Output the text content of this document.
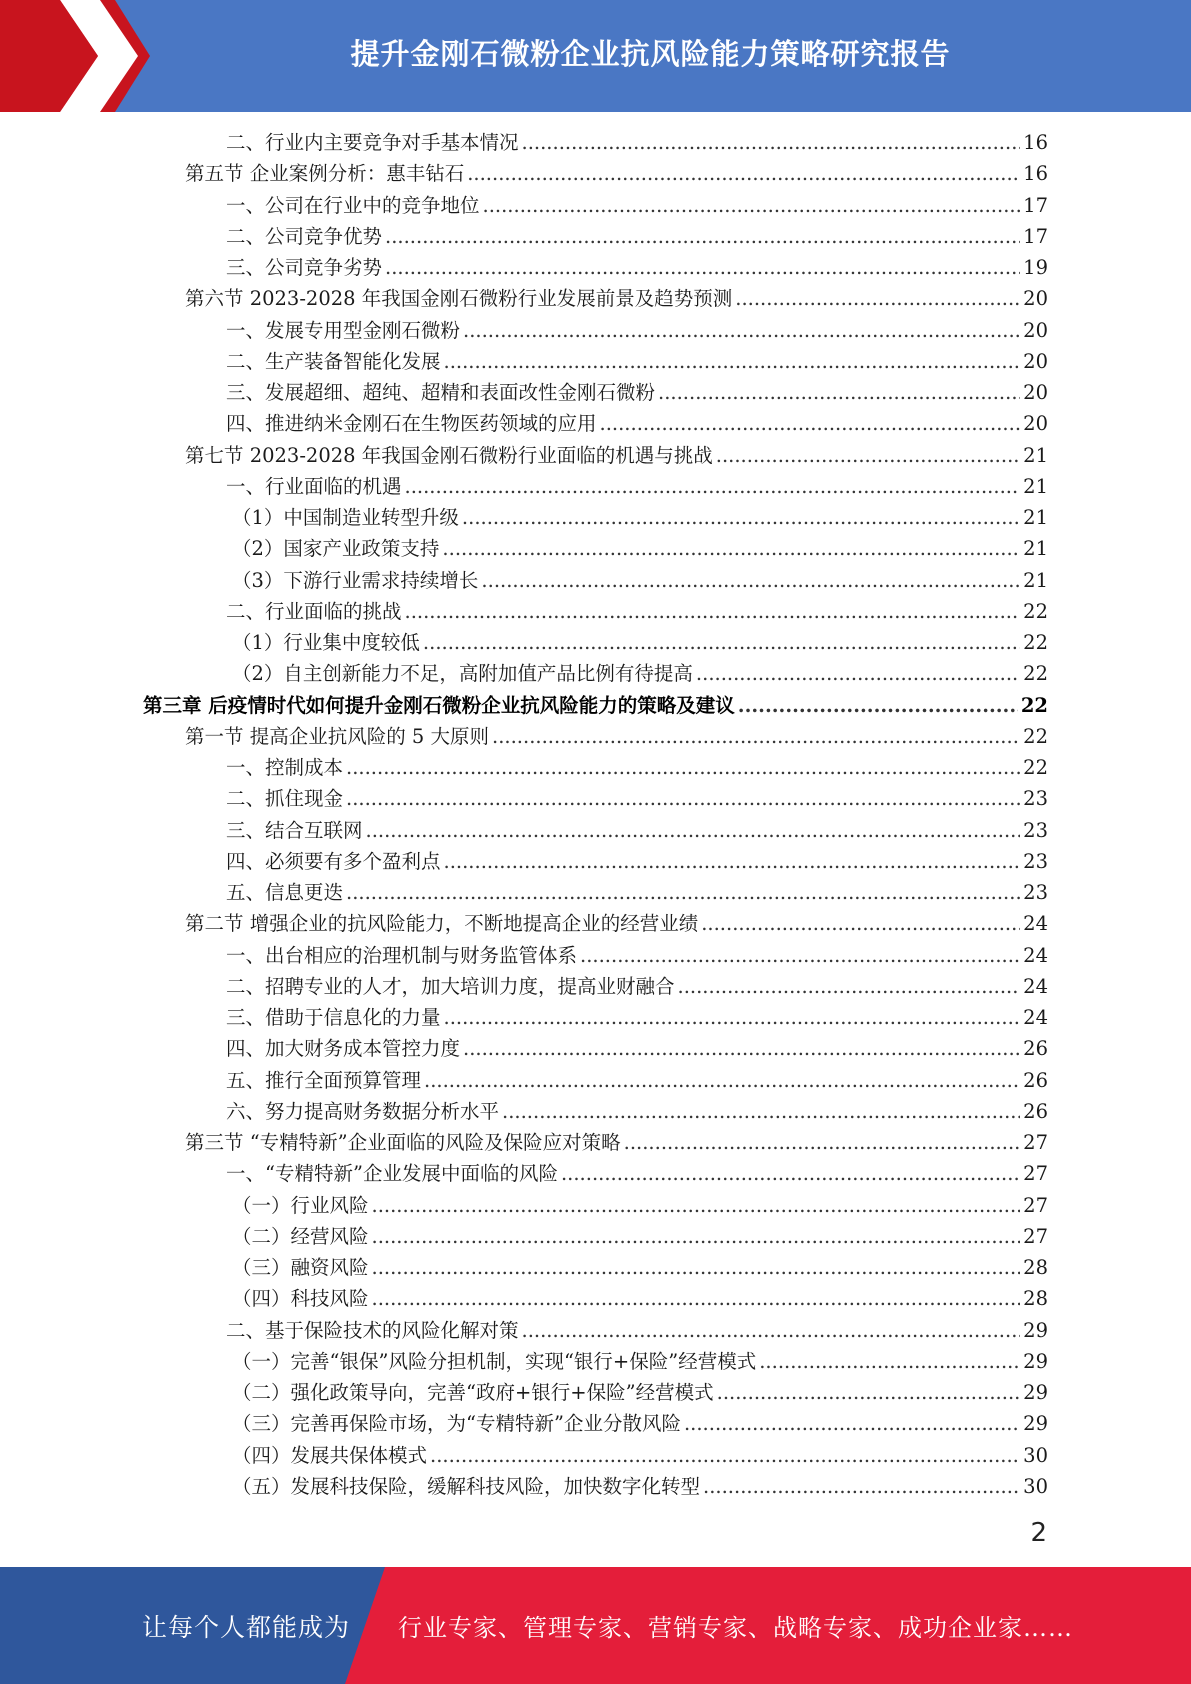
提升金刚石微粉企业抗风险能力策略研究报告
二、行业内主要竞争对手基本情况 .....	16
第五节 企业案例分析：惠丰钻石 .....	16
一、公司在行业中的竞争地位 .....	17
二、公司竞争优势 .....	17
三、公司竞争劣势 .....	19
第六节 2023-2028 年我国金刚石微粉行业发展前景及趋势预测 .....	20
一、发展专用型金刚石微粉 .....	20
二、生产装备智能化发展 .....	20
三、发展超细、超纯、超精和表面改性金刚石微粉 .....	20
四、推进纳米金刚石在生物医药领域的应用 .....	20
第七节 2023-2028 年我国金刚石微粉行业面临的机遇与挑战 .....	21
一、行业面临的机遇 .....	21
（1）中国制造业转型升级 .....	21
（2）国家产业政策支持 .....	21
（3）下游行业需求持续增长 .....	21
二、行业面临的挑战 .....	22
（1）行业集中度较低 .....	22
（2）自主创新能力不足，高附加值产品比例有待提高 .....	22
第三章 后疫情时代如何提升金刚石微粉企业抗风险能力的策略及建议 .....	22
第一节 提高企业抗风险的 5 大原则 .....	22
一、控制成本 .....	22
二、抓住现金 .....	23
三、结合互联网 .....	23
四、必须要有多个盈利点 .....	23
五、信息更迭 .....	23
第二节 增强企业的抗风险能力，不断地提高企业的经营业绩 .....	24
一、出台相应的治理机制与财务监管体系 .....	24
二、招聘专业的人才，加大培训力度，提高业财融合 .....	24
三、借助于信息化的力量 .....	24
四、加大财务成本管控力度 .....	26
五、推行全面预算管理 .....	26
六、努力提高财务数据分析水平 .....	26
第三节 “专精特新”企业面临的风险及保险应对策略 .....	27
一、“专精特新”企业发展中面临的风险 .....	27
（一）行业风险 .....	27
（二）经营风险 .....	27
（三）融资风险 .....	28
（四）科技风险 .....	28
二、基于保险技术的风险化解对策 .....	29
（一）完善“银保”风险分担机制，实现“银行+保险”经营模式 .....	29
（二）强化政策导向，完善“政府+银行+保险”经营模式 .....	29
（三）完善再保险市场，为“专精特新”企业分散风险 .....	29
（四）发展共保体模式 .....	30
（五）发展科技保险，缓解科技风险，加快数字化转型 .....	30
2
让每个人都能成为 行业专家、管理专家、营销专家、战略专家、成功企业家……
